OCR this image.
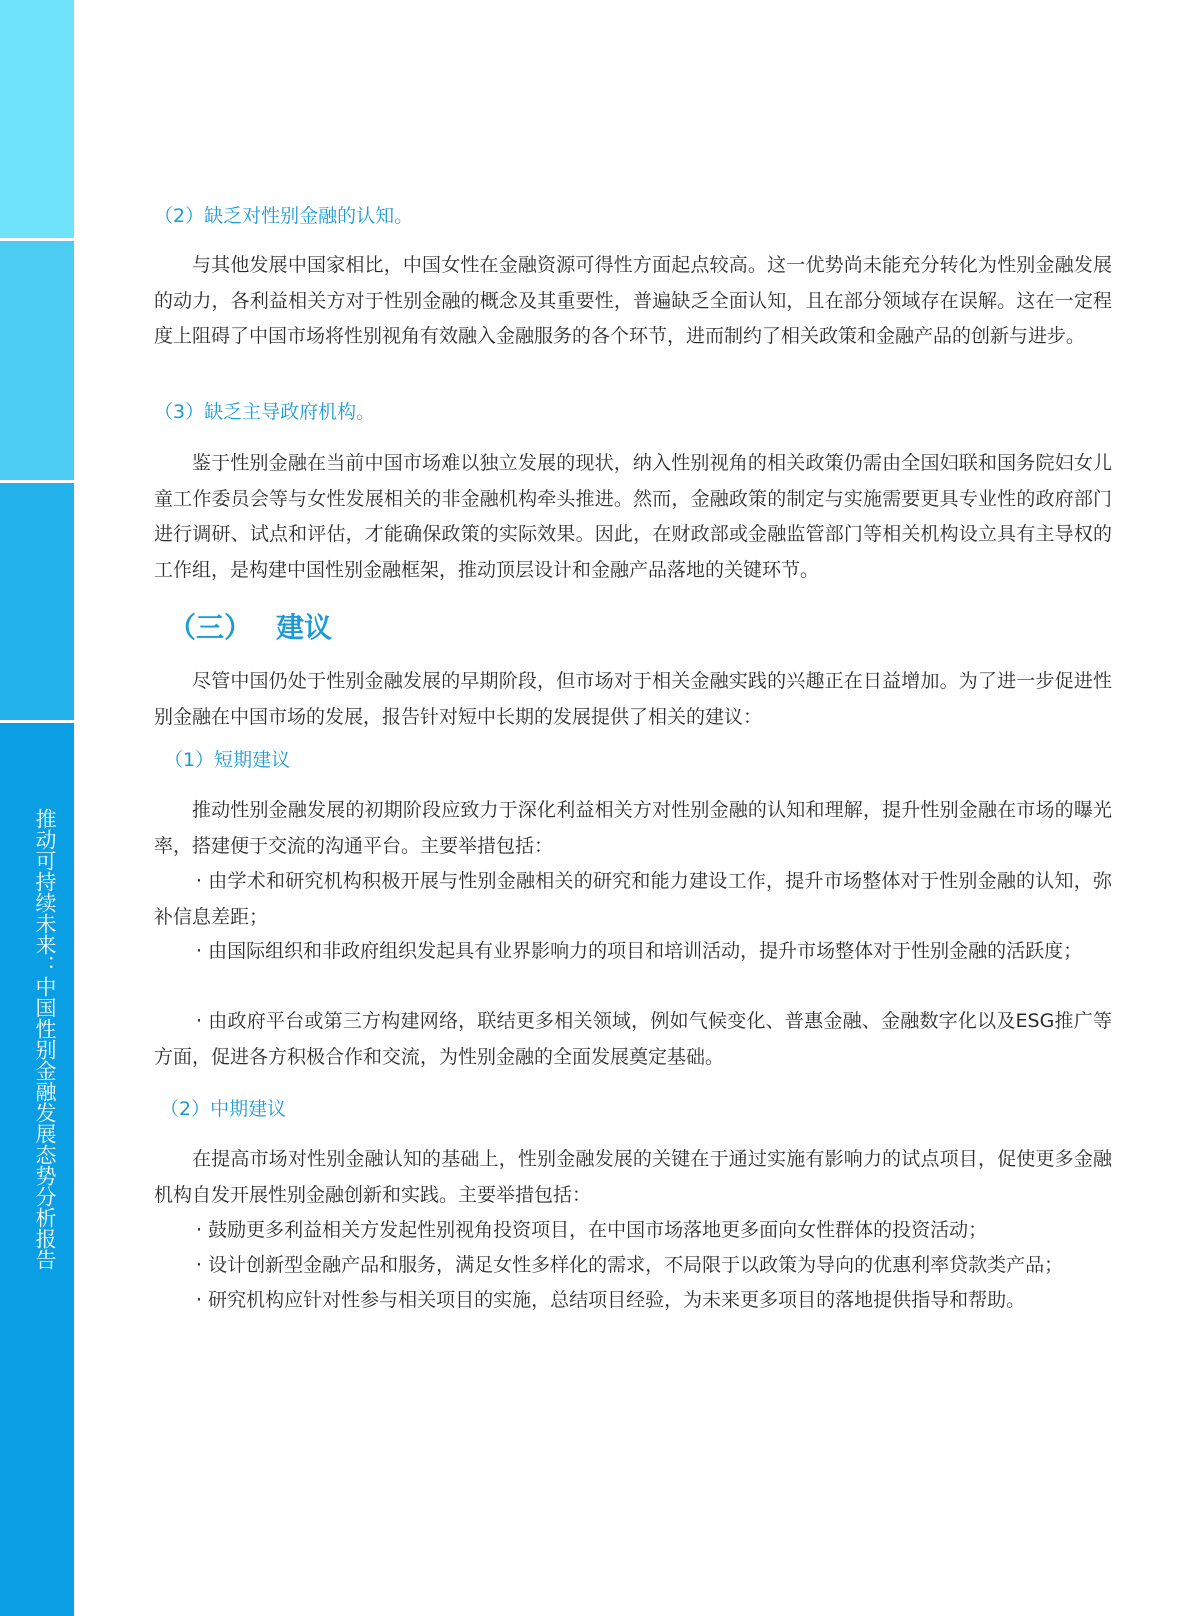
推动可持续未来：中国性别金融发展态势分析报告
（2）缺乏对性别金融的认知。

与其他发展中国家相比，中国女性在金融资源可得性方面起点较高。这一优势尚未能充分转化为性别金融发展的动力，各利益相关方对于性别金融的概念及其重要性，普遍缺乏全面认知，且在部分领域存在误解。这在一定程度上阻碍了中国市场将性别视角有效融入金融服务的各个环节，进而制约了相关政策和金融产品的创新与进步。

（3）缺乏主导政府机构。

鉴于性别金融在当前中国市场难以独立发展的现状，纳入性别视角的相关政策仍需由全国妇联和国务院妇女儿童工作委员会等与女性发展相关的非金融机构牵头推进。然而，金融政策的制定与实施需要更具专业性的政府部门进行调研、试点和评估，才能确保政策的实际效果。因此，在财政部或金融监管部门等相关机构设立具有主导权的工作组，是构建中国性别金融框架，推动顶层设计和金融产品落地的关键环节。

（三） 建议

尽管中国仍处于性别金融发展的早期阶段，但市场对于相关金融实践的兴趣正在日益增加。为了进一步促进性别金融在中国市场的发展，报告针对短中长期的发展提供了相关的建议：

（1）短期建议

推动性别金融发展的初期阶段应致力于深化利益相关方对性别金融的认知和理解，提升性别金融在市场的曝光率，搭建便于交流的沟通平台。主要举措包括：

· 由学术和研究机构积极开展与性别金融相关的研究和能力建设工作，提升市场整体对于性别金融的认知，弥补信息差距；

· 由国际组织和非政府组织发起具有业界影响力的项目和培训活动，提升市场整体对于性别金融的活跃度；

· 由政府平台或第三方构建网络，联结更多相关领域，例如气候变化、普惠金融、金融数字化以及ESG推广等方面，促进各方积极合作和交流，为性别金融的全面发展奠定基础。

（2）中期建议

在提高市场对性别金融认知的基础上，性别金融发展的关键在于通过实施有影响力的试点项目，促使更多金融机构自发开展性别金融创新和实践。主要举措包括：

· 鼓励更多利益相关方发起性别视角投资项目，在中国市场落地更多面向女性群体的投资活动；

· 设计创新型金融产品和服务，满足女性多样化的需求，不局限于以政策为导向的优惠利率贷款类产品；

· 研究机构应针对性参与相关项目的实施，总结项目经验，为未来更多项目的落地提供指导和帮助。
